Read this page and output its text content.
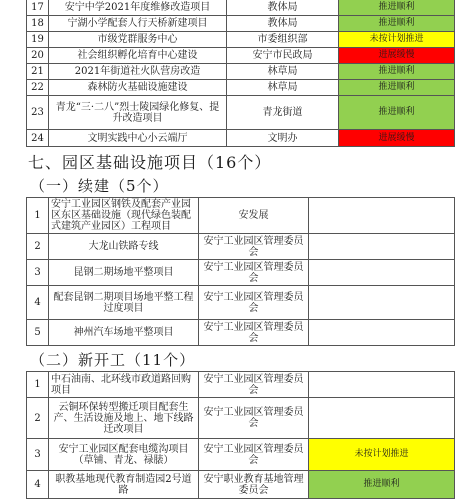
17	安宁中学2021年度维修改造项目	教体局	推进顺利
18	宁湖小学配套人行天桥新建项目	教体局	推进顺利
19	市级党群服务中心	市委组织部	未按计划推进
20	社会组织孵化培育中心建设	安宁市民政局	进展缓慢
21	2021年街道社火队营房改造	林草局	推进顺利
22	森林防火基础设施建设	林草局	推进顺利
23	青龙“三·二八”烈士陵园绿化修复、提升改造项目	青龙街道	推进顺利
24	文明实践中心小云端厅	文明办	进展缓慢
七、园区基础设施项目（16个）
（一）续建（5个）
1	安宁工业园区钢铁及配套产业园区东区基础设施（现代绿色装配式建筑产业园区）工程项目	安发展	
2	大龙山铁路专线	安宁工业园区管理委员会	
3	昆钢二期场地平整项目	安宁工业园区管理委员会	
4	配套昆钢二期项目场地平整工程过度项目	安宁工业园区管理委员会	
5	神州汽车场地平整项目	安宁工业园区管理委员会	
（二）新开工（11个）
1	中石油南、北环线市政道路回购项目	安宁工业园区管理委员会	
2	云铜环保转型搬迁项目配套生产、生活设施及地上、地下线路迁改项目	安宁工业园区管理委员会	
3	安宁工业园区配套电缆沟项目（草铺、青龙、禄脿）	安宁工业园区管理委员会	未按计划推进
4	职教基地现代教育制造园2号道路	安宁职业教育基地管理委员会	推进顺利
